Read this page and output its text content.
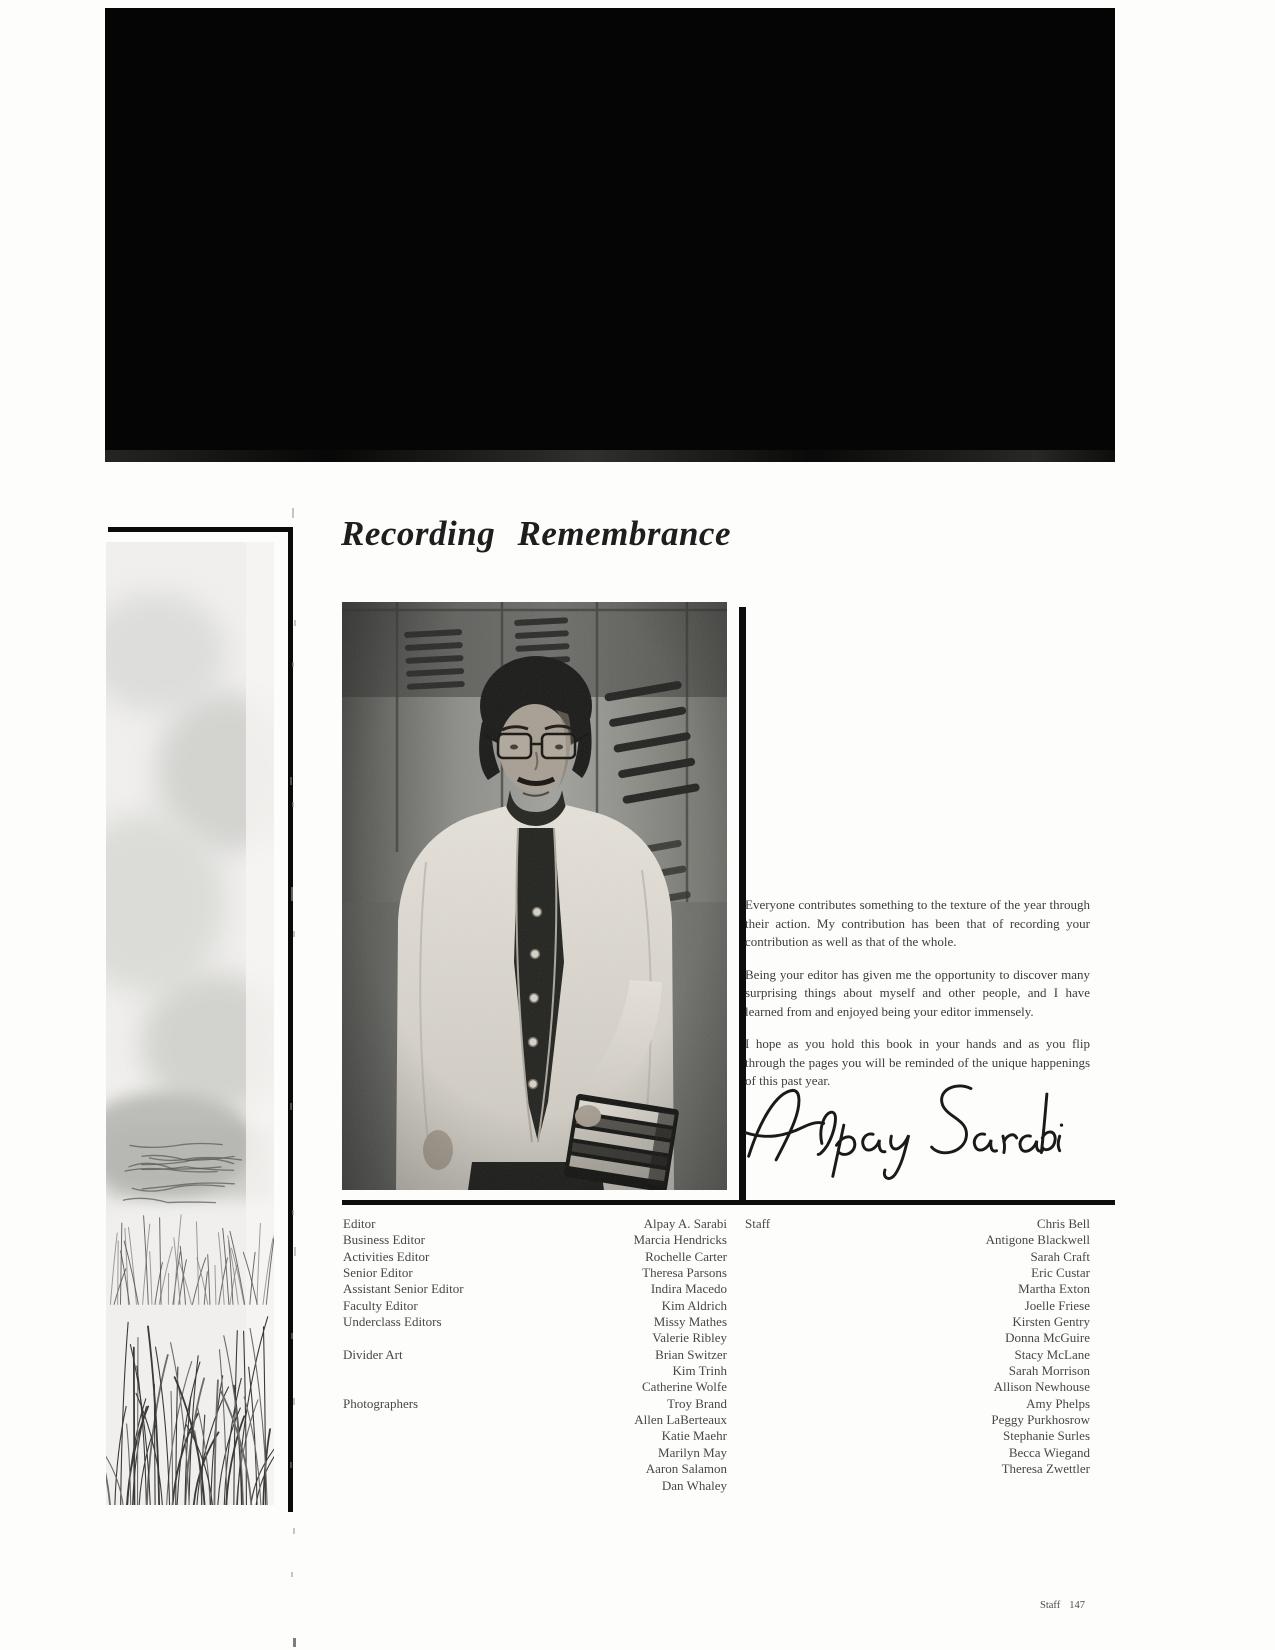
Recording Remembrance

Everyone contributes something to the texture of the year through their action. My contribution has been that of recording your contribution as well as that of the whole.

Being your editor has given me the opportunity to discover many surprising things about myself and other people, and I have learned from and enjoyed being your editor immensely.

I hope as you hold this book in your hands and as you flip through the pages you will be reminded of the unique happenings of this past year.

Editor
Business Editor
Activities Editor
Senior Editor
Assistant Senior Editor
Faculty Editor
Underclass Editors
Divider Art
Photographers
Alpay A. Sarabi
Marcia Hendricks
Rochelle Carter
Theresa Parsons
Indira Macedo
Kim Aldrich
Missy Mathes
Valerie Ribley
Brian Switzer
Kim Trinh
Catherine Wolfe
Troy Brand
Allen LaBerteaux
Katie Maehr
Marilyn May
Aaron Salamon
Dan Whaley
Staff	Chris Bell
Antigone Blackwell
Sarah Craft
Eric Custar
Martha Exton
Joelle Friese
Kirsten Gentry
Donna McGuire
Stacy McLane
Sarah Morrison
Allison Newhouse
Amy Phelps
Peggy Purkhosrow
Stephanie Surles
Becca Wiegand
Theresa Zwettler
Staff 147
